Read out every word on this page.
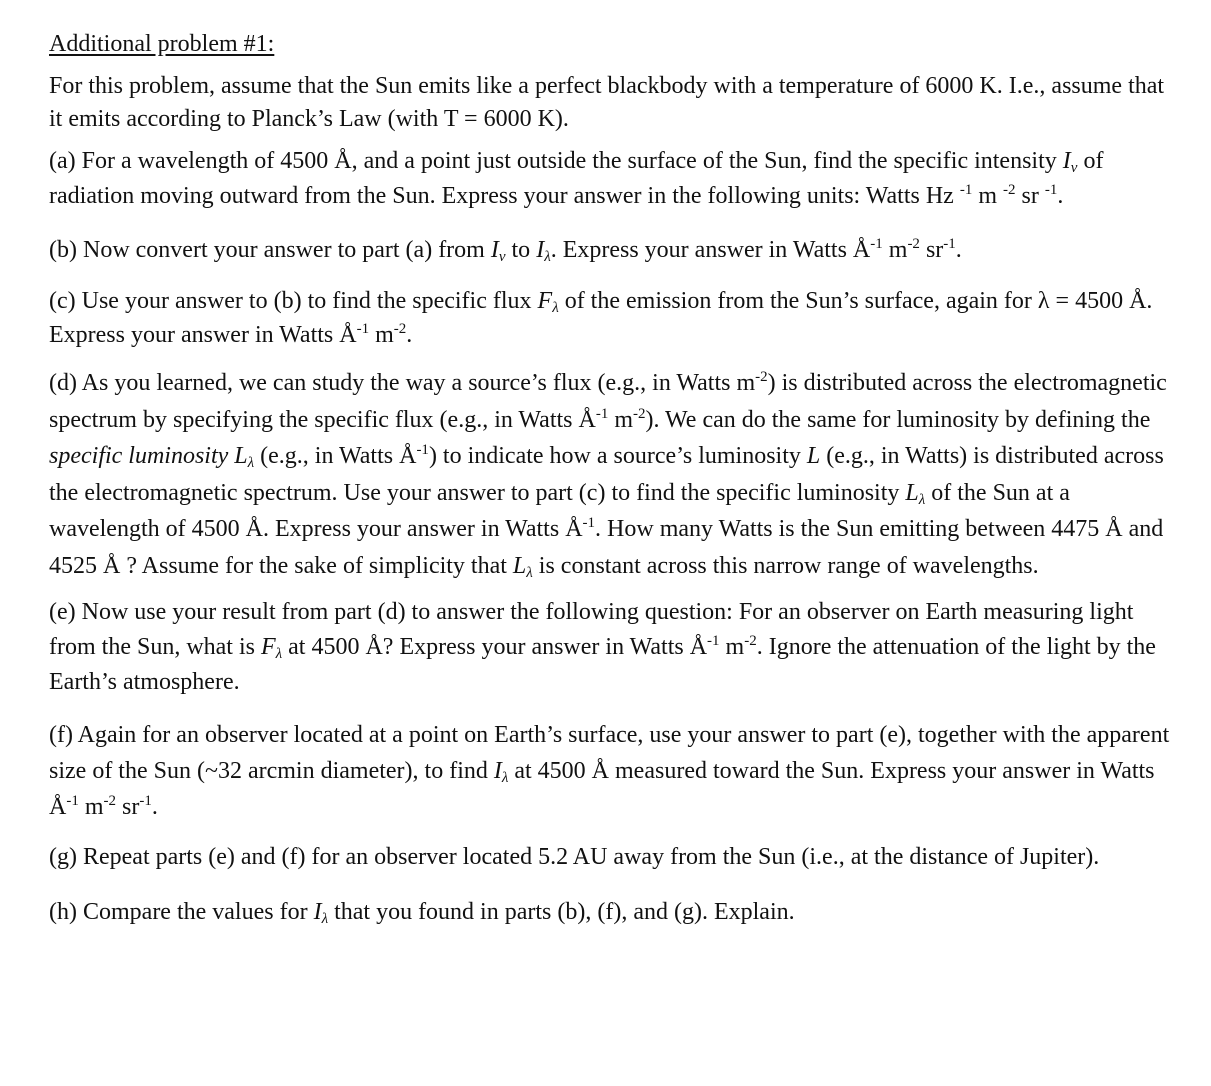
Additional problem #1:

For this problem, assume that the Sun emits like a perfect blackbody with a temperature of 6000 K. I.e., assume that it emits according to Planck’s Law (with T = 6000 K).

(a) For a wavelength of 4500 Å, and a point just outside the surface of the Sun, find the specific intensity $I_\nu$ of radiation moving outward from the Sun. Express your answer in the following units: Watts Hz $^{-1}$ m $^{-2}$ sr $^{-1}$.

(b) Now convert your answer to part (a) from $I_\nu$ to $I_\lambda$. Express your answer in Watts $Å^{-1}$ $m^{-2}$ $sr^{-1}$.

(c) Use your answer to (b) to find the specific flux $F_\lambda$ of the emission from the Sun’s surface, again for λ = 4500 Å. Express your answer in Watts $Å^{-1}$ $m^{-2}$.

(d) As you learned, we can study the way a source’s flux (e.g., in Watts $m^{-2}$) is distributed across the electromagnetic spectrum by specifying the specific flux (e.g., in Watts $Å^{-1}$ $m^{-2}$). We can do the same for luminosity by defining the specific luminosity $L_\lambda$ (e.g., in Watts $Å^{-1}$) to indicate how a source’s luminosity L (e.g., in Watts) is distributed across the electromagnetic spectrum. Use your answer to part (c) to find the specific luminosity $L_\lambda$ of the Sun at a wavelength of 4500 Å. Express your answer in Watts $Å^{-1}$. How many Watts is the Sun emitting between 4475 Å and 4525 Å ? Assume for the sake of simplicity that $L_\lambda$ is constant across this narrow range of wavelengths.

(e) Now use your result from part (d) to answer the following question: For an observer on Earth measuring light from the Sun, what is $F_\lambda$ at 4500 Å? Express your answer in Watts $Å^{-1}$ $m^{-2}$. Ignore the attenuation of the light by the Earth’s atmosphere.

(f) Again for an observer located at a point on Earth’s surface, use your answer to part (e), together with the apparent size of the Sun (~32 arcmin diameter), to find $I_\lambda$ at 4500 Å measured toward the Sun. Express your answer in Watts $Å^{-1}$ $m^{-2}$ $sr^{-1}$.

(g) Repeat parts (e) and (f) for an observer located 5.2 AU away from the Sun (i.e., at the distance of Jupiter).

(h) Compare the values for $I_\lambda$ that you found in parts (b), (f), and (g). Explain.
